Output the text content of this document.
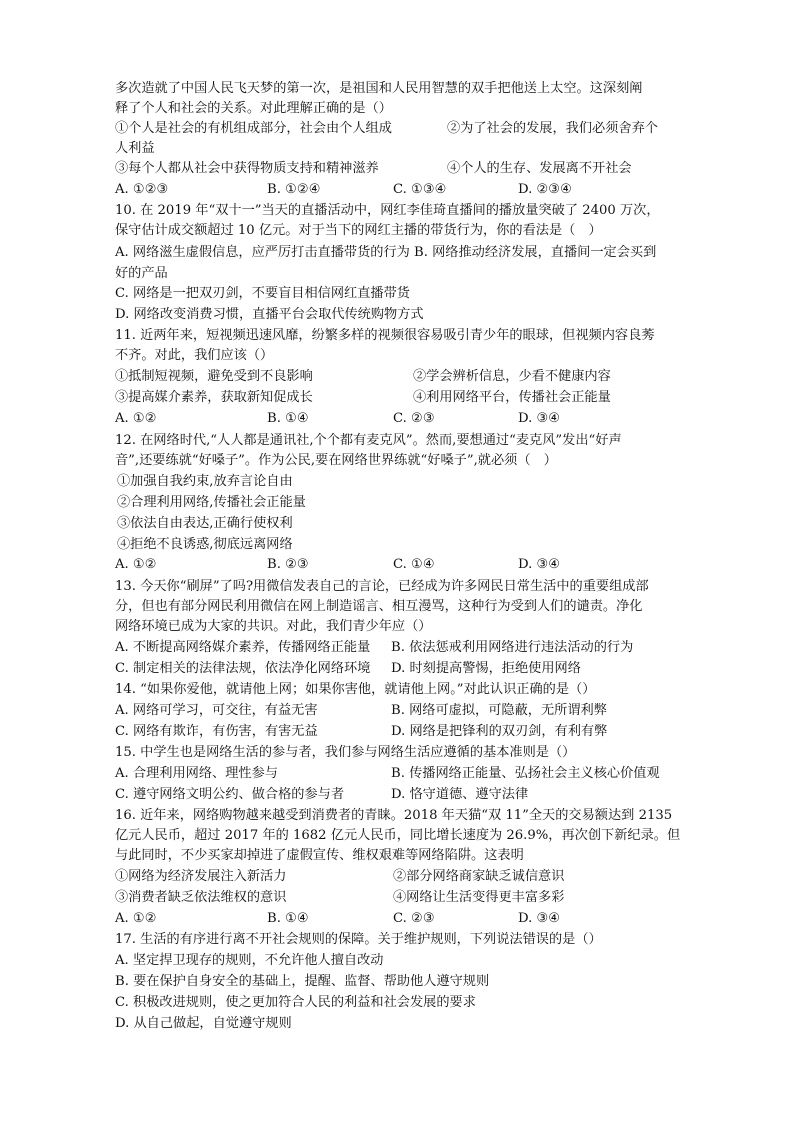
多次造就了中国人民飞天梦的第一次，是祖国和人民用智慧的双手把他送上太空。这深刻阐
释了个人和社会的关系。对此理解正确的是（）
①个人是社会的有机组成部分，社会由个人组成	②为了社会的发展，我们必须舍弃个
人利益
③每个人都从社会中获得物质支持和精神滋养	④个人的生存、发展离不开社会
A. ①②③	B. ①②④	C. ①③④	D. ②③④
10. 在 2019 年“双十一”当天的直播活动中，网红李佳琦直播间的播放量突破了 2400 万次，
保守估计成交额超过 10 亿元。对于当下的网红主播的带货行为，你的看法是（　）
A. 网络滋生虚假信息，应严厉打击直播带货的行为 B. 网络推动经济发展，直播间一定会买到
好的产品
C. 网络是一把双刃剑，不要盲目相信网红直播带货
D. 网络改变消费习惯，直播平台会取代传统购物方式
11. 近两年来，短视频迅速风靡，纷繁多样的视频很容易吸引青少年的眼球，但视频内容良莠
不齐。对此，我们应该（）
①抵制短视频，避免受到不良影响	②学会辨析信息，少看不健康内容
③提高媒介素养，获取新知促成长	④利用网络平台，传播社会正能量
A. ①②	B. ①④	C. ②③	D. ③④
12. 在网络时代,“人人都是通讯社,个个都有麦克风”。然而,要想通过“麦克风”发出“好声
音”,还要练就“好嗓子”。作为公民,要在网络世界练就“好嗓子”,就必须（　）
①加强自我约束,放弃言论自由
②合理利用网络,传播社会正能量
③依法自由表达,正确行使权利
④拒绝不良诱惑,彻底远离网络
A. ①②	B. ②③	C. ①④	D. ③④
13. 今天你“刷屏”了吗?用微信发表自己的言论，已经成为许多网民日常生活中的重要组成部
分，但也有部分网民利用微信在网上制造谣言、相互漫骂，这种行为受到人们的谴责。净化
网络环境已成为大家的共识。对此，我们青少年应（）
A. 不断提高网络媒介素养，传播网络正能量 B. 依法惩戒利用网络进行违法活动的行为
C. 制定相关的法律法规，依法净化网络环境 D. 时刻提高警惕，拒绝使用网络
14. “如果你爱他，就请他上网；如果你害他，就请他上网。”对此认识正确的是（）
A. 网络可学习，可交往，有益无害	B. 网络可虚拟，可隐蔽，无所谓利弊
C. 网络有欺诈，有伤害，有害无益	D. 网络是把锋利的双刃剑，有利有弊
15. 中学生也是网络生活的参与者，我们参与网络生活应遵循的基本准则是（）
A. 合理利用网络、理性参与	B. 传播网络正能量、弘扬社会主义核心价值观
C. 遵守网络文明公约、做合格的参与者	D. 恪守道德、遵守法律
16. 近年来，网络购物越来越受到消费者的青睐。2018 年天猫“双 11”全天的交易额达到 2135
亿元人民币，超过 2017 年的 1682 亿元人民币，同比增长速度为 26.9%，再次创下新纪录。但
与此同时，不少买家却掉进了虚假宣传、维权艰难等网络陷阱。这表明
①网络为经济发展注入新活力	②部分网络商家缺乏诚信意识
③消费者缺乏依法维权的意识	④网络让生活变得更丰富多彩
A. ①②	B. ①④	C. ②③	D. ③④
17. 生活的有序进行离不开社会规则的保障。关于维护规则，下列说法错误的是（）
A. 坚定捍卫现存的规则，不允许他人擅自改动
B. 要在保护自身安全的基础上，提醒、监督、帮助他人遵守规则
C. 积极改进规则，使之更加符合人民的利益和社会发展的要求
D. 从自己做起，自觉遵守规则
